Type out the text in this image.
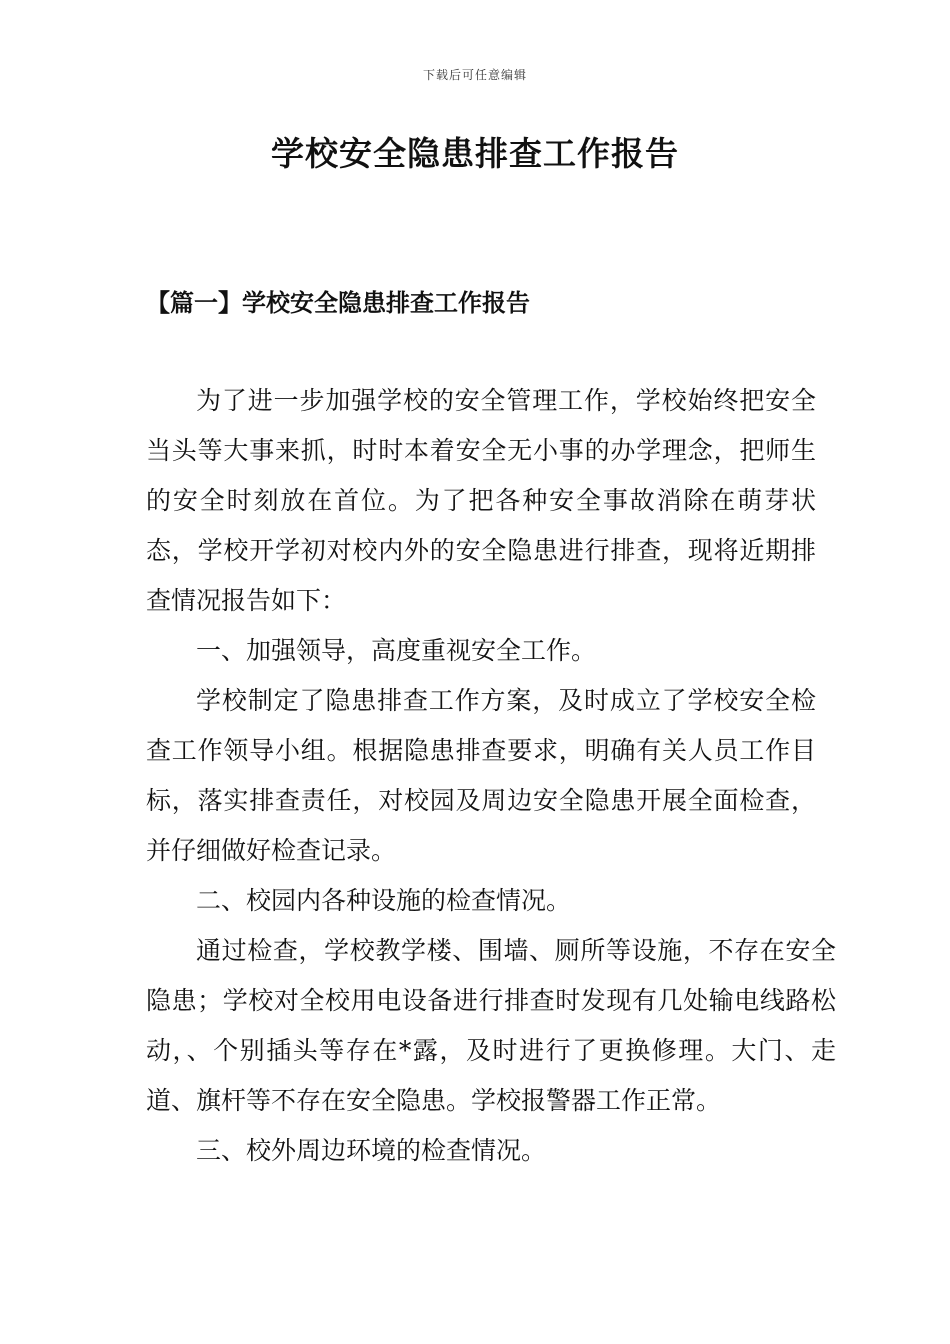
下载后可任意编辑
学校安全隐患排查工作报告
【篇一】学校安全隐患排查工作报告

为了进一步加强学校的安全管理工作，学校始终把安全当头等大事来抓，时时本着安全无小事的办学理念，把师生的安全时刻放在首位。为了把各种安全事故消除在萌芽状态，学校开学初对校内外的安全隐患进行排查，现将近期排查情况报告如下：

一、加强领导，高度重视安全工作。

学校制定了隐患排查工作方案，及时成立了学校安全检查工作领导小组。根据隐患排查要求，明确有关人员工作目标，落实排查责任，对校园及周边安全隐患开展全面检查，并仔细做好检查记录。

二、校园内各种设施的检查情况。

通过检查，学校教学楼、围墙、厕所等设施，不存在安全隐患；学校对全校用电设备进行排查时发现有几处输电线路松动，、个别插头等存在*露，及时进行了更换修理。大门、走道、旗杆等不存在安全隐患。学校报警器工作正常。

三、校外周边环境的检查情况。
